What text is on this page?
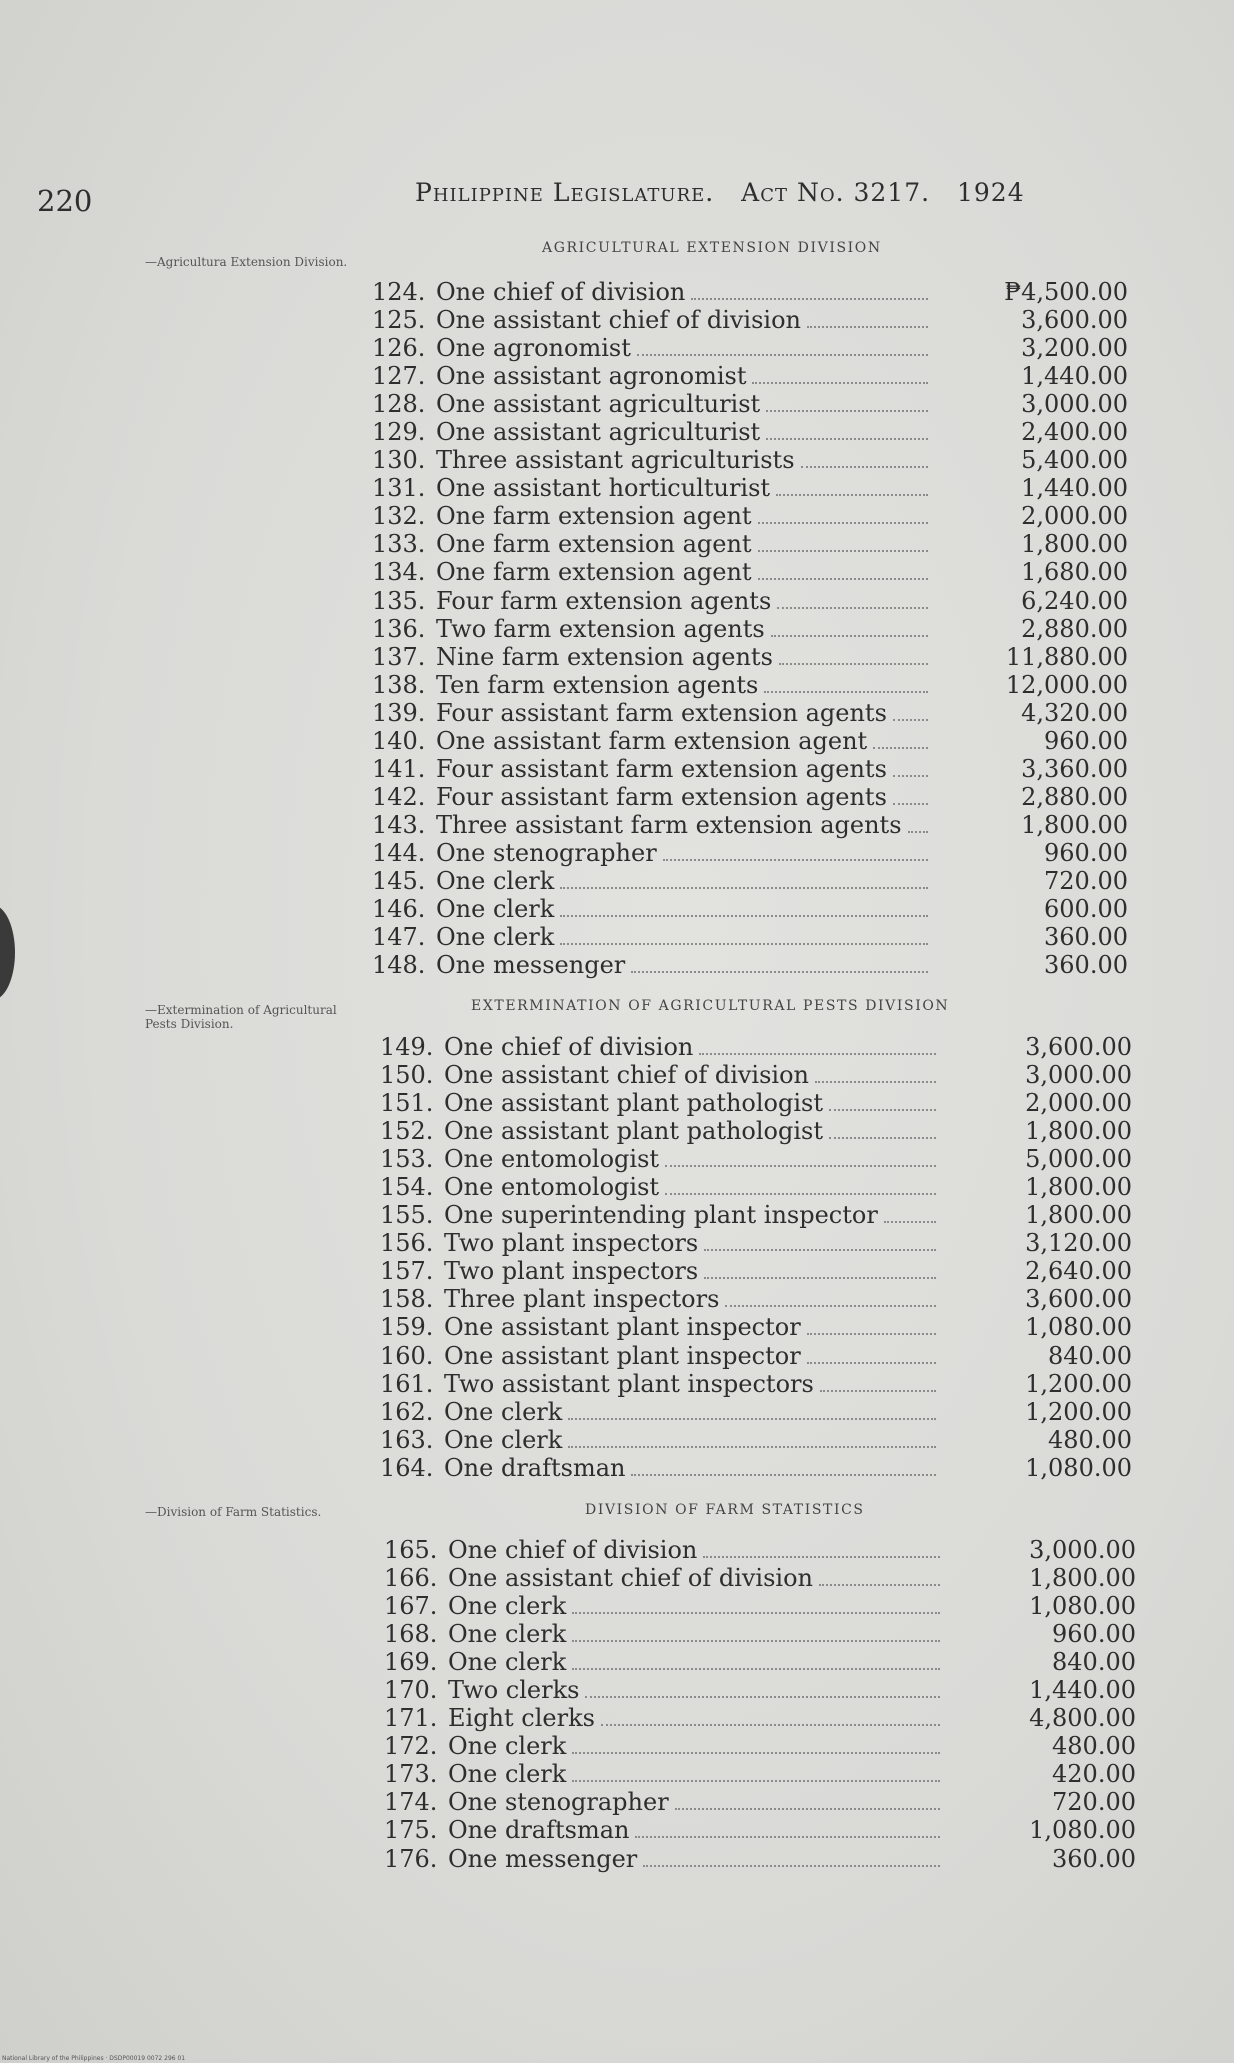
220	Philippine Legislature. Act No. 3217. 1924
—Agricultura Extension Division.
—Extermination of Agricultural Pests Division.
—Division of Farm Statistics.
AGRICULTURAL EXTENSION DIVISION
124. One chief of division	₱4,500.00
125. One assistant chief of division	3,600.00
126. One agronomist	3,200.00
127. One assistant agronomist	1,440.00
128. One assistant agriculturist	3,000.00
129. One assistant agriculturist	2,400.00
130. Three assistant agriculturists	5,400.00
131. One assistant horticulturist	1,440.00
132. One farm extension agent	2,000.00
133. One farm extension agent	1,800.00
134. One farm extension agent	1,680.00
135. Four farm extension agents	6,240.00
136. Two farm extension agents	2,880.00
137. Nine farm extension agents	11,880.00
138. Ten farm extension agents	12,000.00
139. Four assistant farm extension agents	4,320.00
140. One assistant farm extension agent	960.00
141. Four assistant farm extension agents	3,360.00
142. Four assistant farm extension agents	2,880.00
143. Three assistant farm extension agents	1,800.00
144. One stenographer	960.00
145. One clerk	720.00
146. One clerk	600.00
147. One clerk	360.00
148. One messenger	360.00
EXTERMINATION OF AGRICULTURAL PESTS DIVISION
149. One chief of division	3,600.00
150. One assistant chief of division	3,000.00
151. One assistant plant pathologist	2,000.00
152. One assistant plant pathologist	1,800.00
153. One entomologist	5,000.00
154. One entomologist	1,800.00
155. One superintending plant inspector	1,800.00
156. Two plant inspectors	3,120.00
157. Two plant inspectors	2,640.00
158. Three plant inspectors	3,600.00
159. One assistant plant inspector	1,080.00
160. One assistant plant inspector	840.00
161. Two assistant plant inspectors	1,200.00
162. One clerk	1,200.00
163. One clerk	480.00
164. One draftsman	1,080.00
DIVISION OF FARM STATISTICS
165. One chief of division	3,000.00
166. One assistant chief of division	1,800.00
167. One clerk	1,080.00
168. One clerk	960.00
169. One clerk	840.00
170. Two clerks	1,440.00
171. Eight clerks	4,800.00
172. One clerk	480.00
173. One clerk	420.00
174. One stenographer	720.00
175. One draftsman	1,080.00
176. One messenger	360.00
National Library of the Philippines · DSDP00019 0072 296 01
